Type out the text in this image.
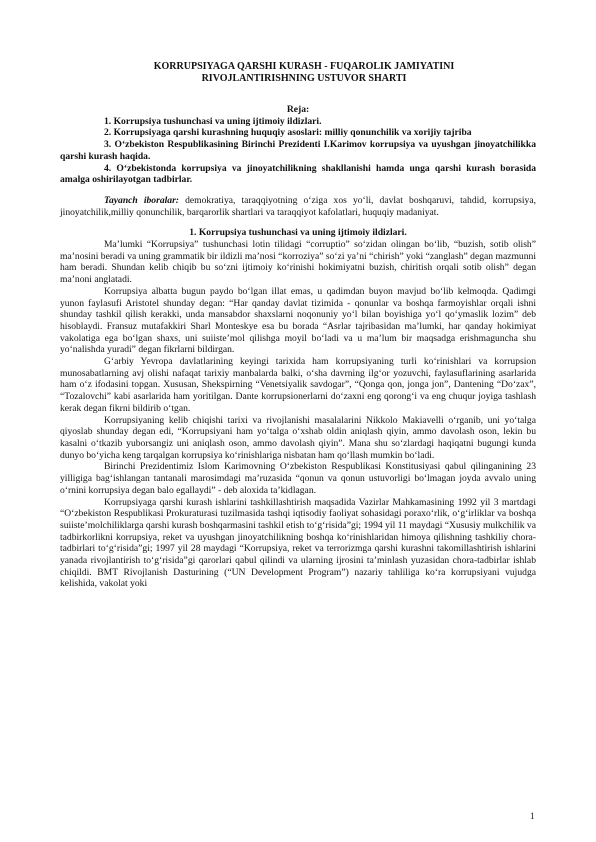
KORRUPSIYAGA QARSHI KURASH - FUQAROLIK JAMIYATINI
RIVOJLANTIRISHNING USTUVOR SHARTI
Reja:

1. Korrupsiya tushunchasi va uning ijtimoiy ildizlari.

2. Korrupsiyaga qarshi kurashning huquqiy asoslari: milliy qonunchilik va xorijiy tajriba

3. O‘zbekiston Respublikasining Birinchi Prezidenti I.Karimov korrupsiya va uyushgan jinoyatchilikka qarshi kurash haqida.

4. O‘zbekistonda korrupsiya va jinoyatchilikning shakllanishi hamda unga qarshi kurash borasida amalga oshirilayotgan tadbirlar.

Tayanch iboralar: demokratiya, taraqqiyotning o‘ziga xos yo‘li, davlat boshqaruvi, tahdid, korrupsiya, jinoyatchilik,milliy qonunchilik, barqarorlik shartlari va taraqqiyot kafolatlari, huquqiy madaniyat.

1. Korrupsiya tushunchasi va uning ijtimoiy ildizlari.

Ma’lumki “Korrupsiya” tushunchasi lotin tilidagi “corruptio” so‘zidan olingan bo‘lib, “buzish, sotib olish” ma’nosini beradi va uning grammatik bir ildizli ma’nosi “korroziya” so‘zi ya’ni “chirish” yoki “zanglash” degan mazmunni ham beradi. Shundan kelib chiqib bu so‘zni ijtimoiy ko‘rinishi hokimiyatni buzish, chiritish orqali sotib olish” degan ma’noni anglatadi.

Korrupsiya albatta bugun paydo bo‘lgan illat emas, u qadimdan buyon mavjud bo‘lib kelmoqda. Qadimgi yunon faylasufi Aristotel shunday degan: “Har qanday davlat tizimida - qonunlar va boshqa farmoyishlar orqali ishni shunday tashkil qilish kerakki, unda mansabdor shaxslarni noqonuniy yo‘l bilan boyishiga yo‘l qo‘ymaslik lozim” deb hisoblaydi. Fransuz mutafakkiri Sharl Monteskye esa bu borada “Asrlar tajribasidan ma’lumki, har qanday hokimiyat vakolatiga ega bo‘lgan shaxs, uni suiiste’mol qilishga moyil bo‘ladi va u ma’lum bir maqsadga erishmaguncha shu yo‘nalishda yuradi” degan fikrlarni bildirgan.

G‘arbiy Yevropa davlatlarining keyingi tarixida ham korrupsiyaning turli ko‘rinishlari va korrupsion munosabatlarning avj olishi nafaqat tarixiy manbalarda balki, o‘sha davrning ilg‘or yozuvchi, faylasuflarining asarlarida ham o‘z ifodasini topgan. Xususan, Shekspirning “Venetsiyalik savdogar”, “Qonga qon, jonga jon”, Dantening “Do‘zax”, “Tozalovchi” kabi asarlarida ham yoritilgan. Dante korrupsionerlarni do‘zaxni eng qorong‘i va eng chuqur joyiga tashlash kerak degan fikrni bildirib o‘tgan.

Korrupsiyaning kelib chiqishi tarixi va rivojlanishi masalalarini Nikkolo Makiavelli o‘rganib, uni yo‘talga qiyoslab shunday degan edi, “Korrupsiyani ham yo‘talga o‘xshab oldin aniqlash qiyin, ammo davolash oson, lekin bu kasalni o‘tkazib yuborsangiz uni aniqlash oson, ammo davolash qiyin”. Mana shu so‘zlardagi haqiqatni bugungi kunda dunyo bo‘yicha keng tarqalgan korrupsiya ko‘rinishlariga nisbatan ham qo‘llash mumkin bo‘ladi.

Birinchi Prezidentimiz Islom Karimovning O‘zbekiston Respublikasi Konstitusiyasi qabul qilinganining 23 yilligiga bag‘ishlangan tantanali marosimdagi ma’ruzasida “qonun va qonun ustuvorligi bo‘lmagan joyda avvalo uning o‘rnini korrupsiya degan balo egallaydi” - deb aloxida ta’kidlagan.

Korrupsiyaga qarshi kurash ishlarini tashkillashtirish maqsadida Vazirlar Mahkamasining 1992 yil 3 martdagi “O‘zbekiston Respublikasi Prokuraturasi tuzilmasida tashqi iqtisodiy faoliyat sohasidagi poraxo‘rlik, o‘g‘irliklar va boshqa suiiste’molchiliklarga qarshi kurash boshqarmasini tashkil etish to‘g‘risida”gi; 1994 yil 11 maydagi “Xususiy mulkchilik va tadbirkorlikni korrupsiya, reket va uyushgan jinoyatchilikning boshqa ko‘rinishlaridan himoya qilishning tashkiliy chora-tadbirlari to‘g‘risida”gi; 1997 yil 28 maydagi “Korrupsiya, reket va terrorizmga qarshi kurashni takomillashtirish ishlarini yanada rivojlantirish to‘g‘risida”gi qarorlari qabul qilindi va ularning ijrosini ta’minlash yuzasidan chora-tadbirlar ishlab chiqildi. BMT Rivojlanish Dasturining (“UN Development Program”) nazariy tahliliga ko‘ra korrupsiyani vujudga kelishida, vakolat yoki

1
